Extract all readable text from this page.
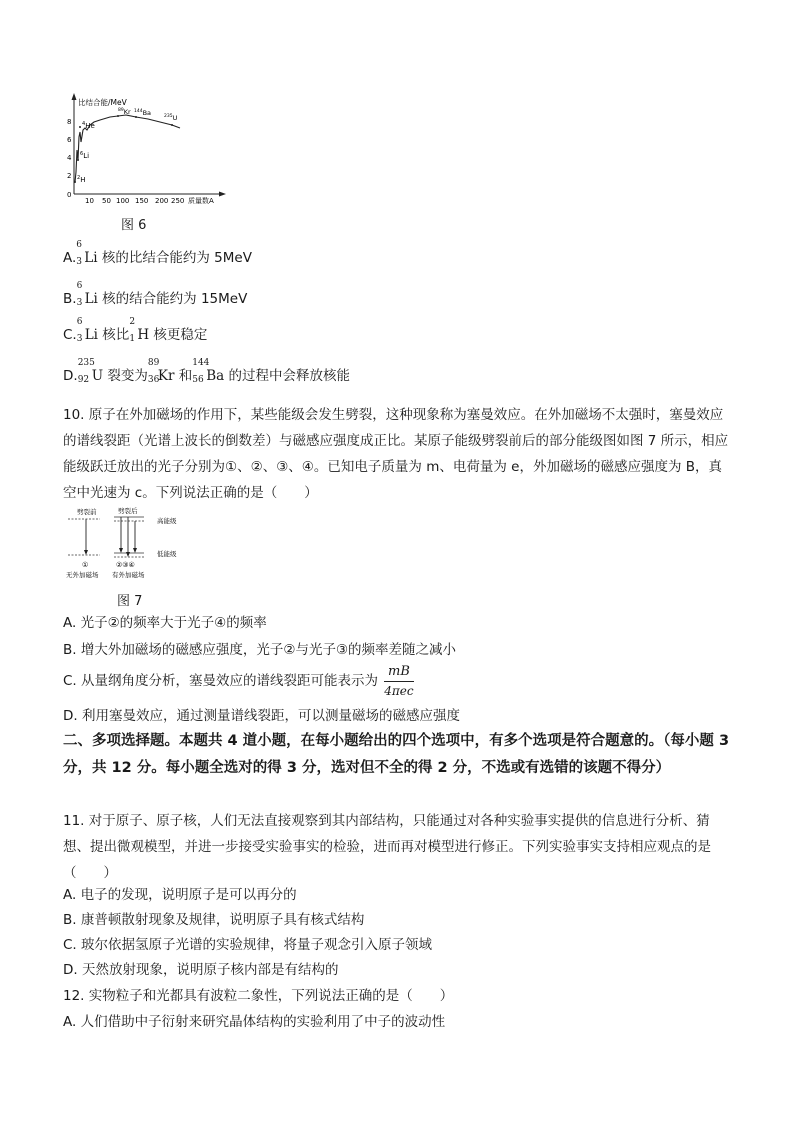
比结合能/MeV
8
6
4
2
0
10 50 100 150 200 250 质量数A
$^2$H
$^6$Li
$^4$He
$^{89}$Kr $^{144}$Ba	$^{235}$U
图 6
A.
6
3 Li 核的比结合能约为 5MeV
B.
6
3 Li 核的结合能约为 15MeV
C.
6
3 Li 核比
2
1 H 核更稳定
D.
235
92 U 裂变为
89
36
Kr 和
144
56 Ba 的过程中会释放核能
10. 原子在外加磁场的作用下，某些能级会发生劈裂，这种现象称为塞曼效应。在外加磁场不太强时，塞曼效应的谱线裂距（光谱上波长的倒数差）与磁感应强度成正比。某原子能级劈裂前后的部分能级图如图 7 所示，相应能级跃迁放出的光子分别为①、②、③、④。已知电子质量为 m、电荷量为 e，外加磁场的磁感应强度为 B，真空中光速为 c。下列说法正确的是（　　）
劈裂前	劈裂后
高能级
低能级
①	②③④
无外加磁场 有外加磁场
图 7
A. 光子②的频率大于光子④的频率
B. 增大外加磁场的磁感应强度，光子②与光子③的频率差随之减小
C. 从量纲角度分析，塞曼效应的谱线裂距可能表示为 $\frac{mB}{\text{4πec}}$
D. 利用塞曼效应，通过测量谱线裂距，可以测量磁场的磁感应强度
二、多项选择题。本题共 4 道小题，在每小题给出的四个选项中，有多个选项是符合题意的。（每小题 3 分，共 12 分。每小题全选对的得 3 分，选对但不全的得 2 分，不选或有选错的该题不得分）
11. 对于原子、原子核，人们无法直接观察到其内部结构，只能通过对各种实验事实提供的信息进行分析、猜想、提出微观模型，并进一步接受实验事实的检验，进而再对模型进行修正。下列实验事实支持相应观点的是（　　）
A. 电子的发现，说明原子是可以再分的
B. 康普顿散射现象及规律，说明原子具有核式结构
C. 玻尔依据氢原子光谱的实验规律，将量子观念引入原子领域
D. 天然放射现象，说明原子核内部是有结构的
12. 实物粒子和光都具有波粒二象性，下列说法正确的是（　　）
A. 人们借助中子衍射来研究晶体结构的实验利用了中子的波动性
